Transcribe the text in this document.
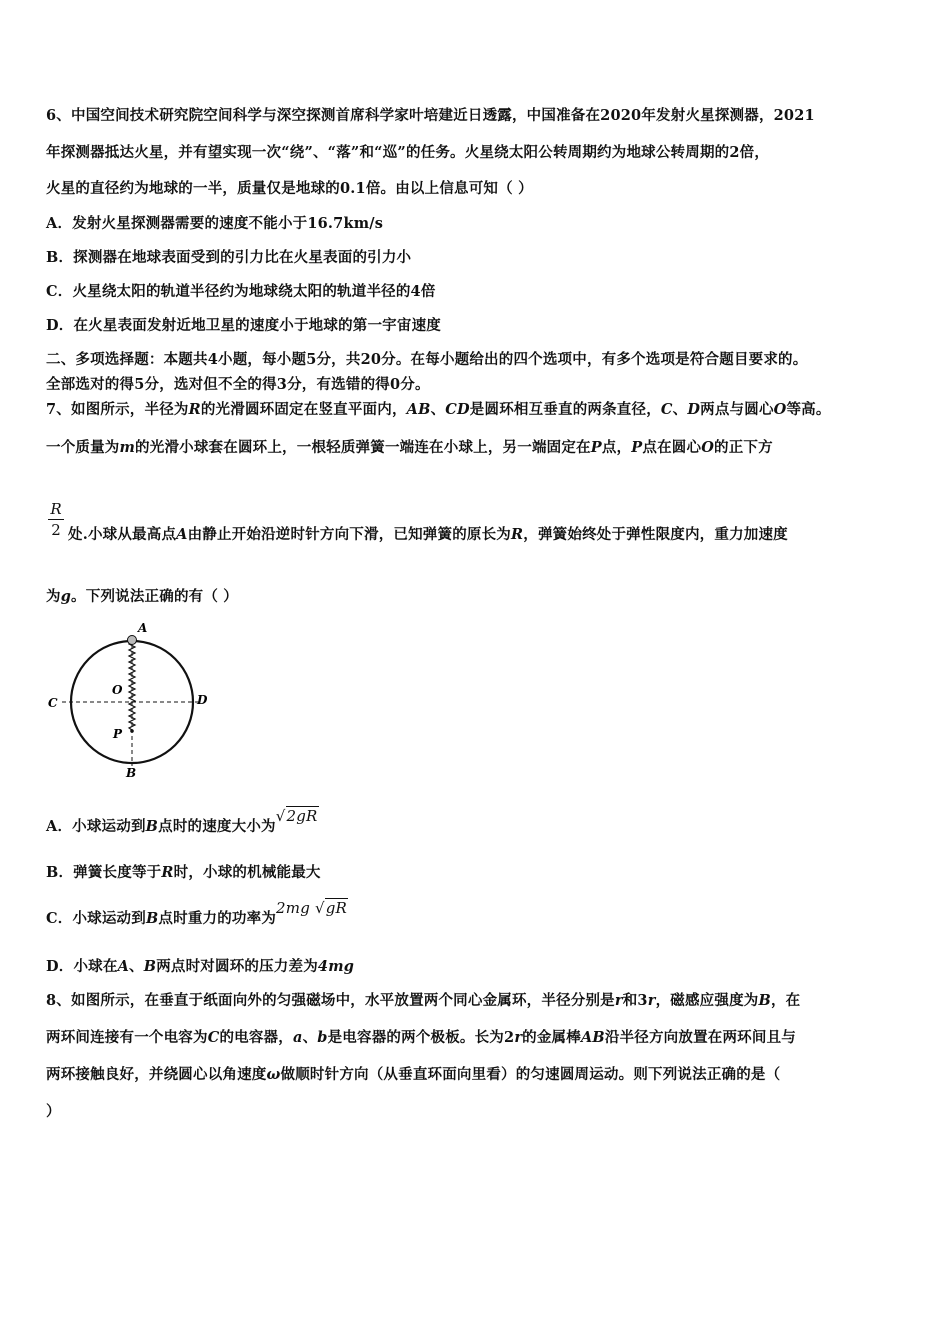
6、中国空间技术研究院空间科学与深空探测首席科学家叶培建近日透露，中国准备在2020年发射火星探测器，2021
年探测器抵达火星，并有望实现一次“绕”、“落”和“巡”的任务。火星绕太阳公转周期约为地球公转周期的2倍，
火星的直径约为地球的一半，质量仅是地球的0.1倍。由以上信息可知（ ）
A．发射火星探测器需要的速度不能小于16.7km/s
B．探测器在地球表面受到的引力比在火星表面的引力小
C．火星绕太阳的轨道半径约为地球绕太阳的轨道半径的4倍
D．在火星表面发射近地卫星的速度小于地球的第一宇宙速度
二、多项选择题：本题共4小题，每小题5分，共20分。在每小题给出的四个选项中，有多个选项是符合题目要求的。
全部选对的得5分，选对但不全的得3分，有选错的得0分。
7、如图所示，半径为R的光滑圆环固定在竖直平面内，AB、CD是圆环相互垂直的两条直径，C、D两点与圆心O等高。
一个质量为m的光滑小球套在圆环上，一根轻质弹簧一端连在小球上，另一端固定在P点，P点在圆心O的正下方
R
2 处.小球从最高点A由静止开始沿逆时针方向下滑，已知弹簧的原长为R，弹簧始终处于弹性限度内，重力加速度
为g。下列说法正确的有（ ）
A
B
C	D
O
P
A．小球运动到B点时的速度大小为√2gR
B．弹簧长度等于R时，小球的机械能最大
C．小球运动到B点时重力的功率为2mg √gR
D．小球在A、B两点时对圆环的压力差为4mg
8、如图所示，在垂直于纸面向外的匀强磁场中，水平放置两个同心金属环，半径分别是r和3r，磁感应强度为B，在
两环间连接有一个电容为C的电容器，a、b是电容器的两个极板。长为2r的金属棒AB沿半径方向放置在两环间且与
两环接触良好，并绕圆心以角速度ω做顺时针方向（从垂直环面向里看）的匀速圆周运动。则下列说法正确的是（
）
